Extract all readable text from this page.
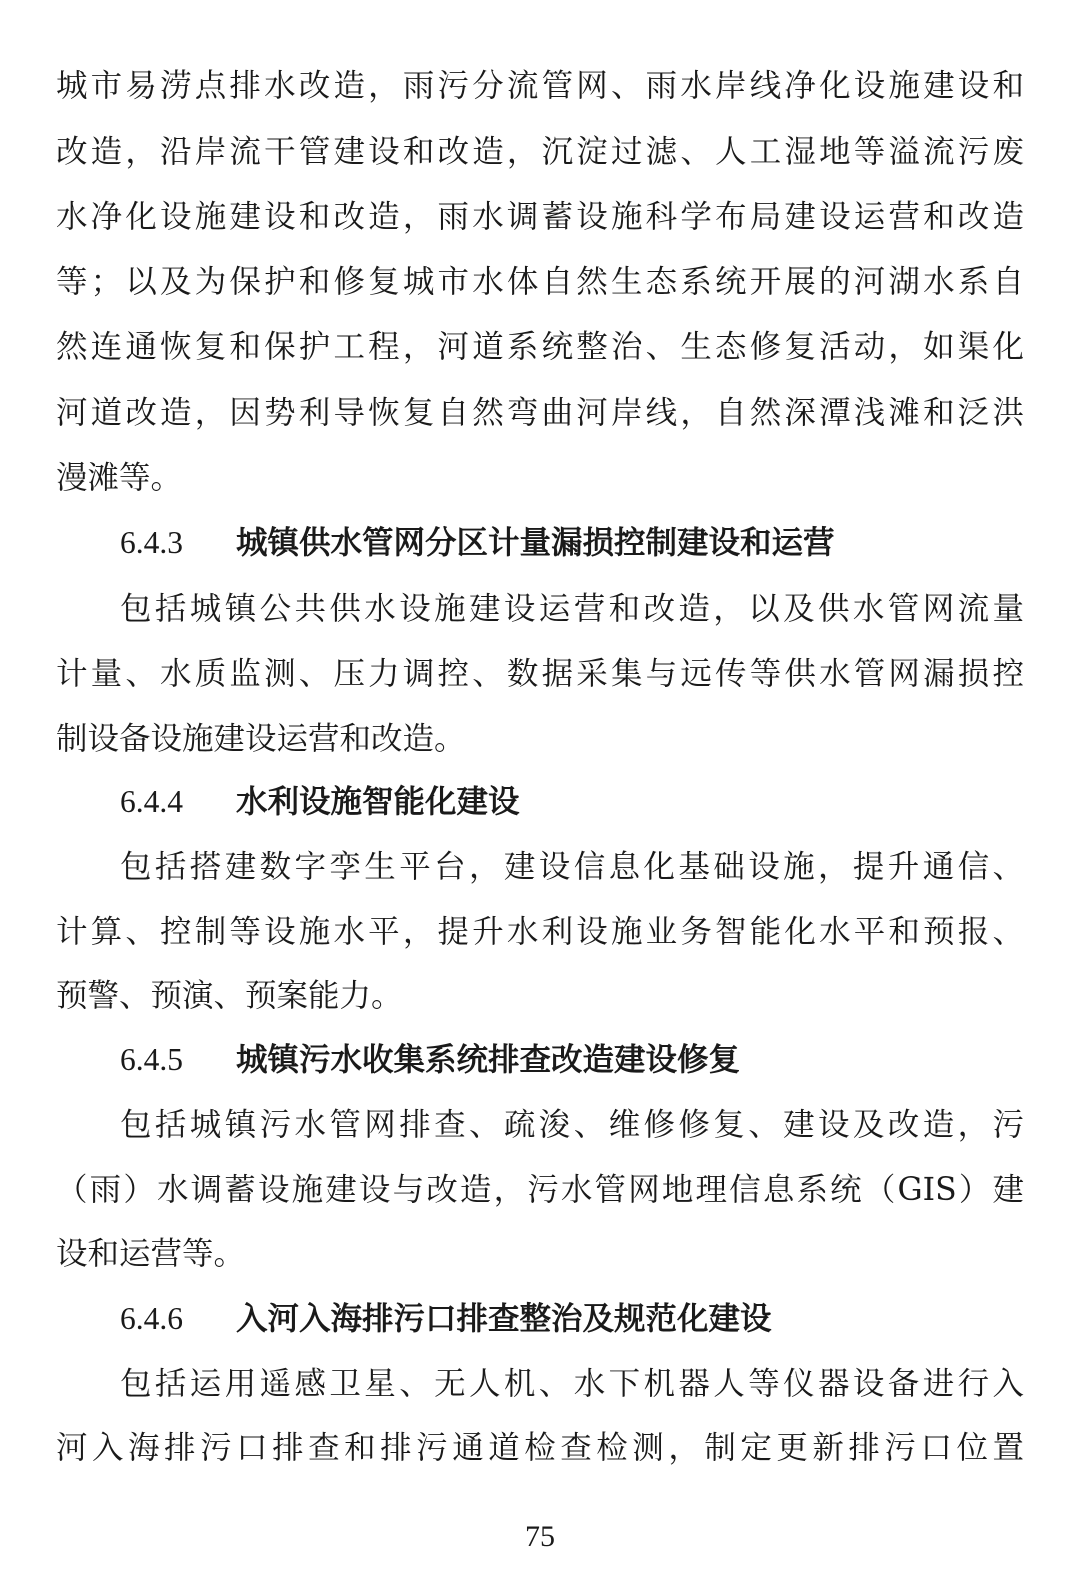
城市易涝点排水改造，雨污分流管网、雨水岸线净化设施建设和
改造，沿岸流干管建设和改造，沉淀过滤、人工湿地等溢流污废
水净化设施建设和改造，雨水调蓄设施科学布局建设运营和改造
等；以及为保护和修复城市水体自然生态系统开展的河湖水系自
然连通恢复和保护工程，河道系统整治、生态修复活动，如渠化
河道改造，因势利导恢复自然弯曲河岸线，自然深潭浅滩和泛洪
漫滩等。
6.4.3 城镇供水管网分区计量漏损控制建设和运营
包括城镇公共供水设施建设运营和改造，以及供水管网流量
计量、水质监测、压力调控、数据采集与远传等供水管网漏损控
制设备设施建设运营和改造。
6.4.4 水利设施智能化建设
包括搭建数字孪生平台，建设信息化基础设施，提升通信、
计算、控制等设施水平，提升水利设施业务智能化水平和预报、
预警、预演、预案能力。
6.4.5 城镇污水收集系统排查改造建设修复
包括城镇污水管网排查、疏浚、维修修复、建设及改造，污
（雨）水调蓄设施建设与改造，污水管网地理信息系统（GIS）建
设和运营等。
6.4.6 入河入海排污口排查整治及规范化建设
包括运用遥感卫星、无人机、水下机器人等仪器设备进行入
河入海排污口排查和排污通道检查检测，制定更新排污口位置
75
